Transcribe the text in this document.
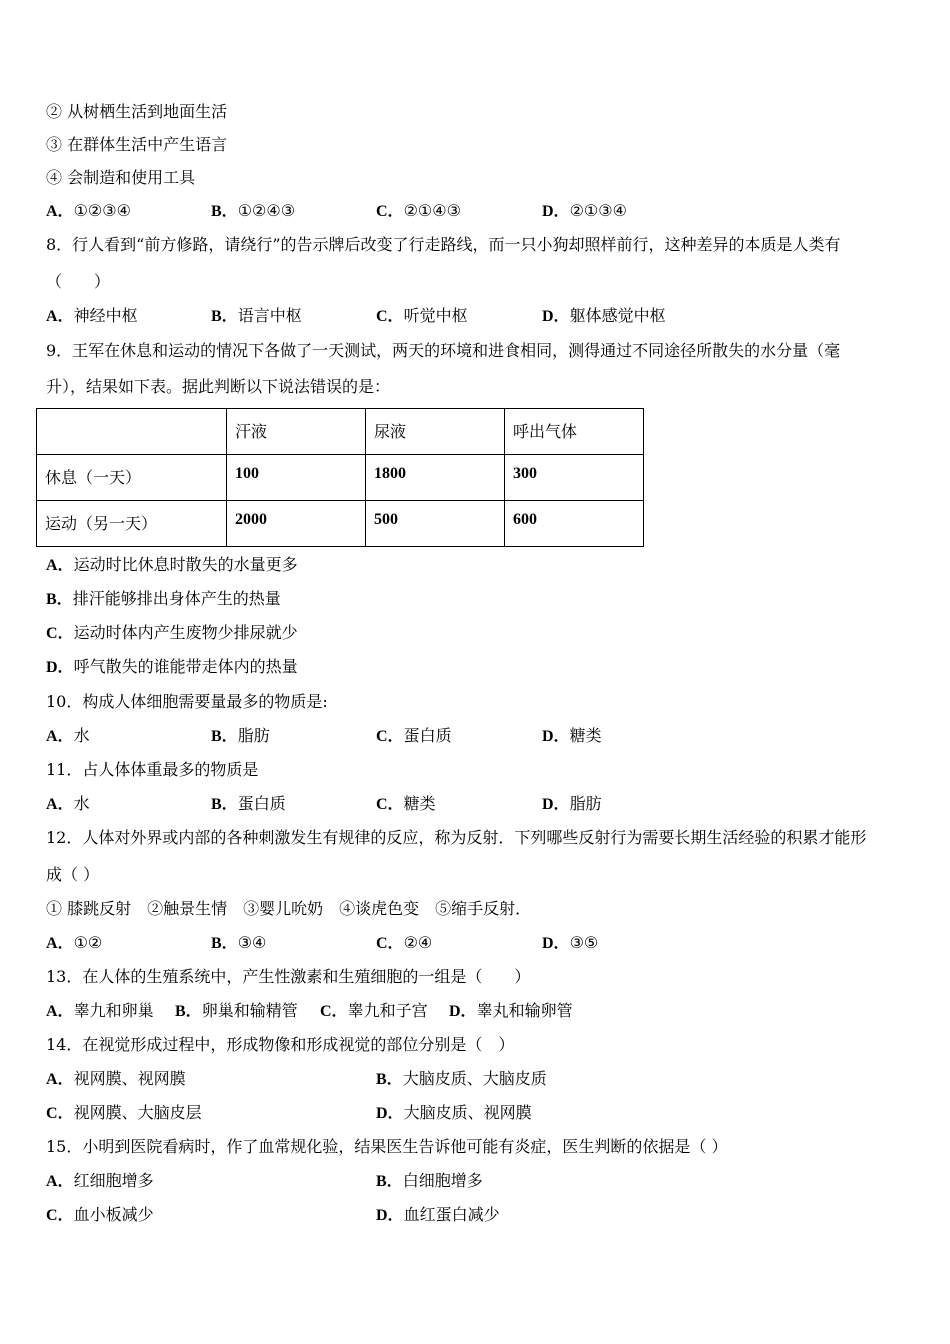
② 从树栖生活到地面生活
③ 在群体生活中产生语言
④ 会制造和使用工具
A．①②③④	B．①②④③	C．②①④③	D．②①③④
8．行人看到“前方修路，请绕行”的告示牌后改变了行走路线，而一只小狗却照样前行，这种差异的本质是人类有
（　　）
A．神经中枢	B．语言中枢	C．听觉中枢	D．躯体感觉中枢
9．王军在休息和运动的情况下各做了一天测试，两天的环境和进食相同，测得通过不同途径所散失的水分量（毫
升），结果如下表。据此判断以下说法错误的是：
	汗液	尿液	呼出气体
休息（一天）	100	1800	300
运动（另一天）	2000	500	600
A．运动时比休息时散失的水量更多
B．排汗能够排出身体产生的热量
C．运动时体内产生废物少排尿就少
D．呼气散失的谁能带走体内的热量
10．构成人体细胞需要量最多的物质是:
A．水	B．脂肪	C．蛋白质	D．糖类
11．占人体体重最多的物质是
A．水	B．蛋白质	C．糖类	D．脂肪
12．人体对外界或内部的各种刺激发生有规律的反应，称为反射．下列哪些反射行为需要长期生活经验的积累才能形
成（ ）
① 膝跳反射　②触景生情　③婴儿吮奶　④谈虎色变　⑤缩手反射．
A．①②	B．③④	C．②④	D．③⑤
13．在人体的生殖系统中，产生性激素和生殖细胞的一组是（　　）
A．睾九和卵巢 B．卵巢和输精管 C．睾九和子宫 D．睾丸和输卵管
14．在视觉形成过程中，形成物像和形成视觉的部位分别是（　）
A．视网膜、视网膜	B．大脑皮质、大脑皮质
C．视网膜、大脑皮层	D．大脑皮质、视网膜
15．小明到医院看病时，作了血常规化验，结果医生告诉他可能有炎症，医生判断的依据是（ ）
A．红细胞增多	B．白细胞增多
C．血小板减少	D．血红蛋白减少
